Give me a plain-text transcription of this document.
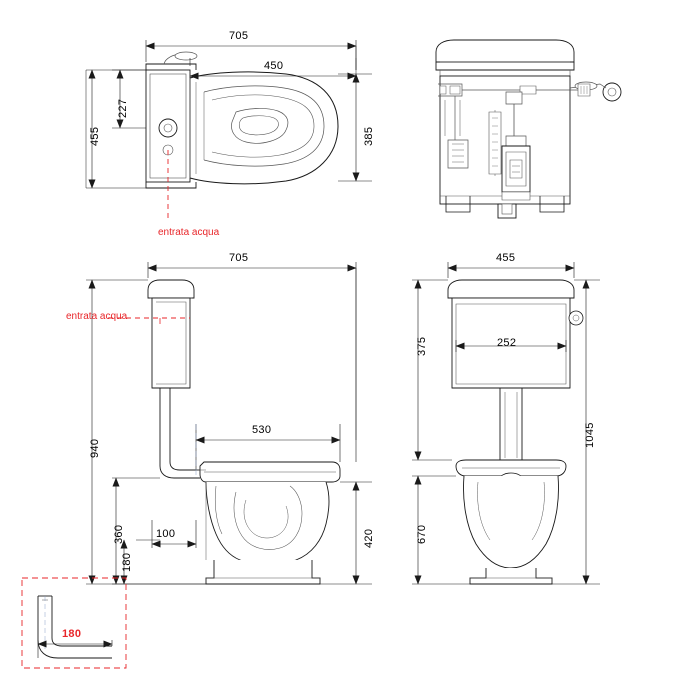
705
450
455
227
385
entrata acqua
705
530
940
360
180
100	420
entrata acqua
455
252
375
670
1045
180
